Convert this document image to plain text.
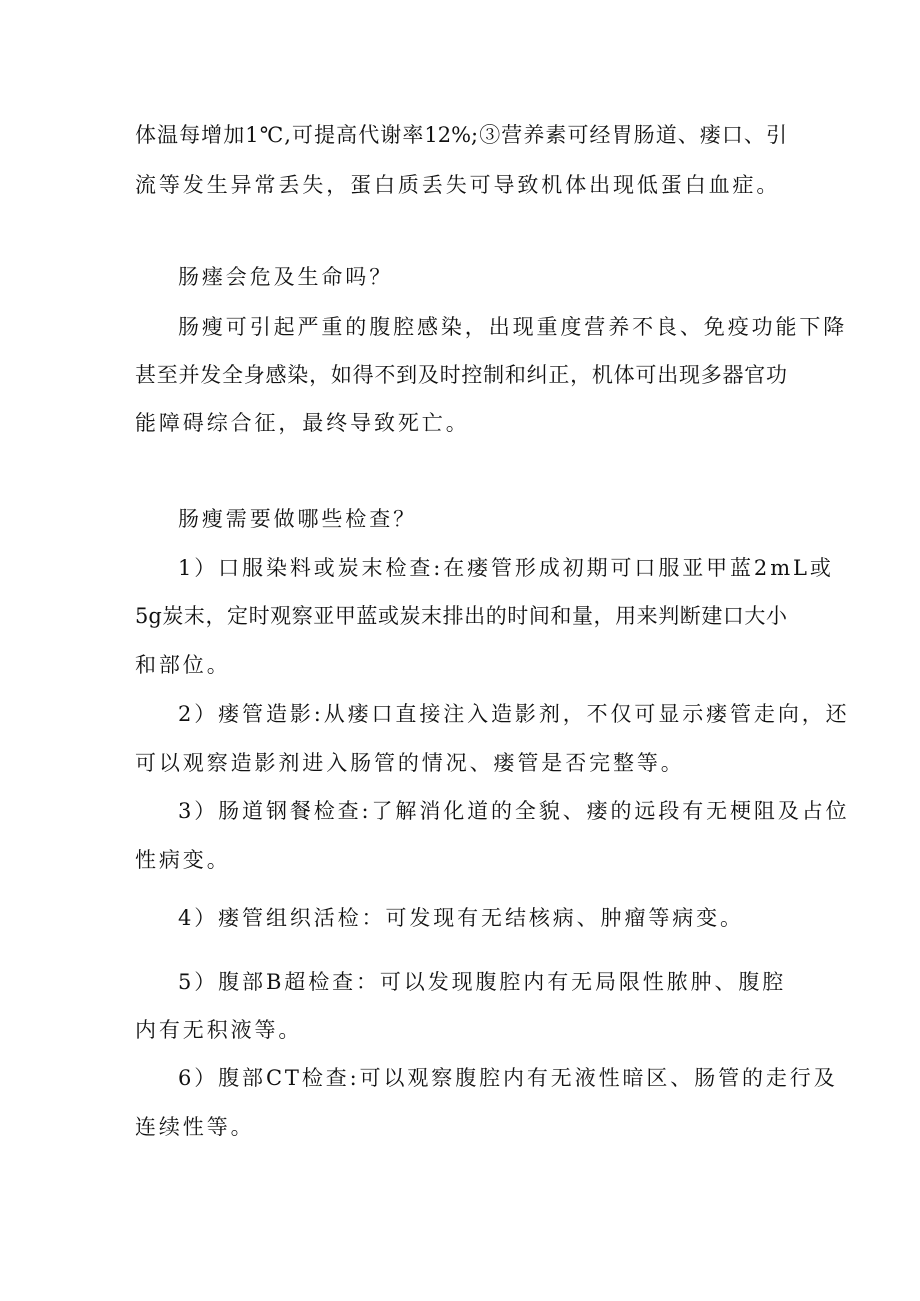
体温每增加1℃,可提高代谢率12%;③营养素可经胃肠道、瘘口、引

流等发生异常丢失，蛋白质丢失可导致机体出现低蛋白血症。

肠瘗会危及生命吗？

肠瘦可引起严重的腹腔感染，出现重度营养不良、免疫功能下降

甚至并发全身感染，如得不到及时控制和纠正，机体可出现多器官功

能障碍综合征，最终导致死亡。

肠瘦需要做哪些检查？

1）口服染料或炭末检查:在瘘管形成初期可口服亚甲蓝2mL或

5g炭末，定时观察亚甲蓝或炭末排出的时间和量，用来判断建口大小

和部位。

2）瘘管造影:从瘘口直接注入造影剂，不仅可显示瘘管走向，还

可以观察造影剂进入肠管的情况、瘘管是否完整等。

3）肠道钢餐检查:了解消化道的全貌、瘘的远段有无梗阻及占位

性病变。

4）瘘管组织活检：可发现有无结核病、肿瘤等病变。

5）腹部B超检查：可以发现腹腔内有无局限性脓肿、腹腔

内有无积液等。

6）腹部CT检查:可以观察腹腔内有无液性暗区、肠管的走行及

连续性等。
